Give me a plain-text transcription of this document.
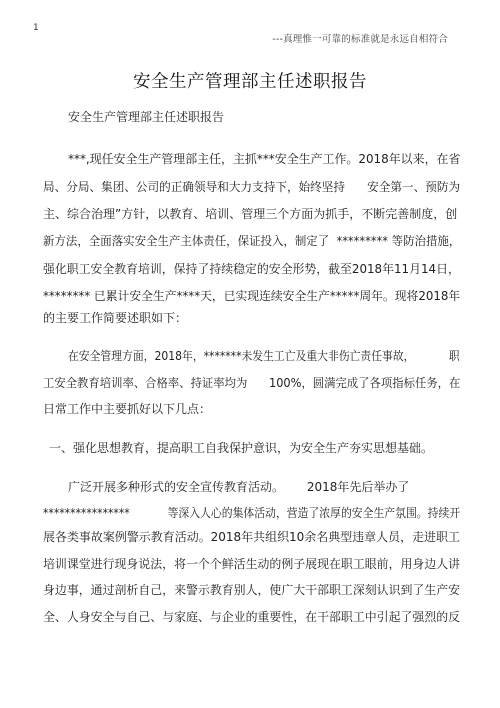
1
---真理惟一可靠的标准就是永远自相符合
安全生产管理部主任述职报告
安全生产管理部主任述职报告
***,现任安全生产管理部主任，主抓***安全生产工作。2018年以来，在省
局、分局、集团、公司的正确领导和大力支持下，始终坚持      安全第一、预防为
主、综合治理”方针，以教育、培训、管理三个方面为抓手，不断完善制度，创
新方法，全面落实安全生产主体责任，保证投入，制定了  ********* 等防治措施，
强化职工安全教育培训，保持了持续稳定的安全形势，截至2018年11月14日，
******** 已累计安全生产****天，已实现连续安全生产*****周年。现将2018年
的主要工作简要述职如下：
在安全管理方面，2018年，*******未发生工亡及重大非伤亡责任事故，          职
工安全教育培训率、合格率、持证率均为      100%，圆满完成了各项指标任务，在
日常工作中主要抓好以下几点：
一、强化思想教育，提高职工自我保护意识，为安全生产夯实思想基础。
广泛开展多种形式的安全宣传教育活动。      2018年先后举办了
****************           等深入人心的集体活动，营造了浓厚的安全生产氛围。持续开
展各类事故案例警示教育活动。2018年共组织10余名典型违章人员，走进职工
培训课堂进行现身说法，将一个个鲜活生动的例子展现在职工眼前，用身边人讲
身边事，通过剖析自己，来警示教育别人，使广大干部职工深刻认识到了生产安
全、人身安全与自己、与家庭、与企业的重要性，在干部职工中引起了强烈的反
